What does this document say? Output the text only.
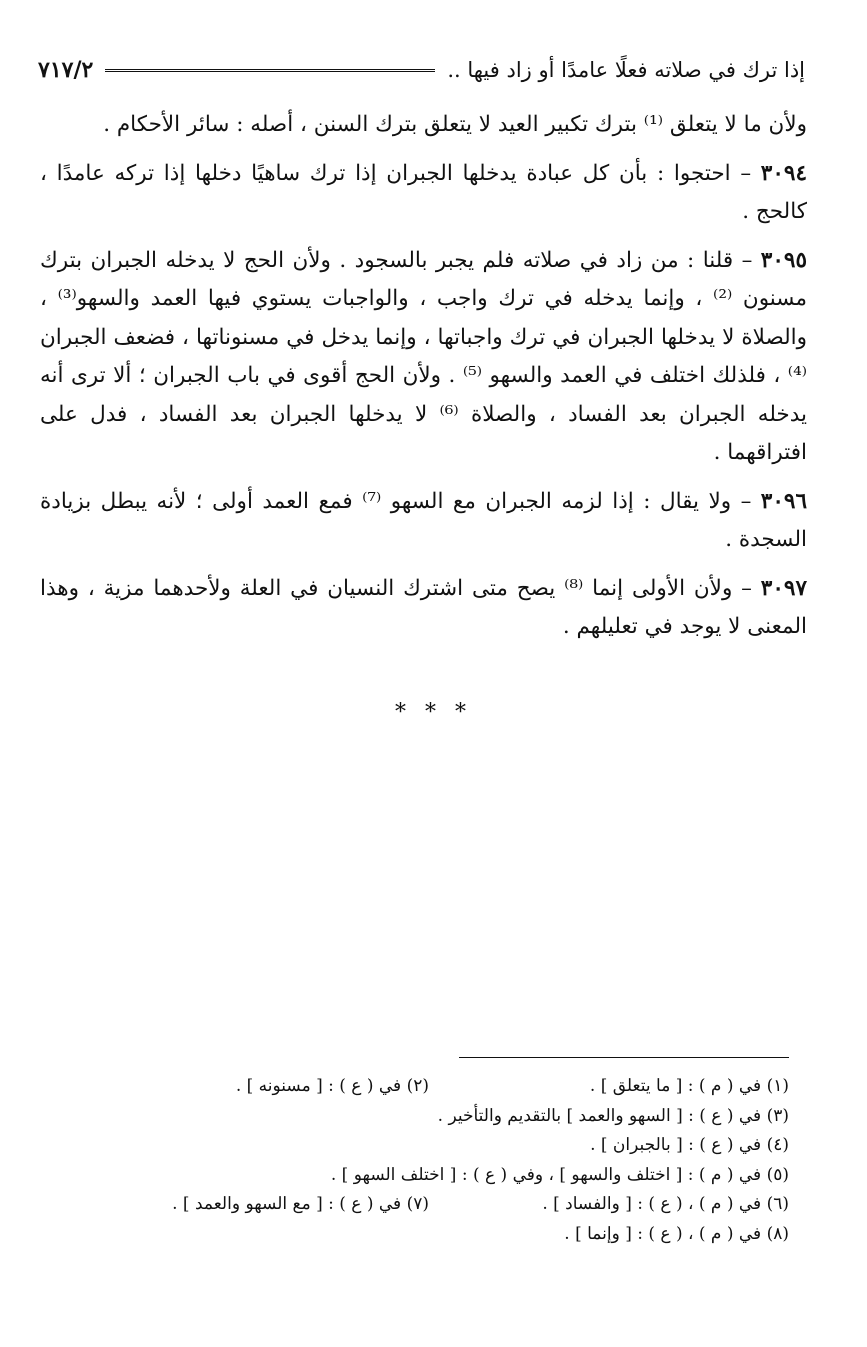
إذا ترك في صلاته فعلًا عامدًا أو زاد فيها ..
٧١٧/٢

ولأن ما لا يتعلق ⁽¹⁾ بترك تكبير العيد لا يتعلق بترك السنن ، أصله : سائر الأحكام .

٣٠٩٤ – احتجوا : بأن كل عبادة يدخلها الجبران إذا ترك ساهيًا دخلها إذا تركه عامدًا ، كالحج .

٣٠٩٥ – قلنا : من زاد في صلاته فلم يجبر بالسجود . ولأن الحج لا يدخله الجبران بترك مسنون ⁽²⁾ ، وإنما يدخله في ترك واجب ، والواجبات يستوي فيها العمد والسهو⁽³⁾ ، والصلاة لا يدخلها الجبران في ترك واجباتها ، وإنما يدخل في مسنوناتها ، فضعف الجبران ⁽⁴⁾ ، فلذلك اختلف في العمد والسهو ⁽⁵⁾ . ولأن الحج أقوى في باب الجبران ؛ ألا ترى أنه يدخله الجبران بعد الفساد ، والصلاة ⁽⁶⁾ لا يدخلها الجبران بعد الفساد ، فدل على افتراقهما .

٣٠٩٦ – ولا يقال : إذا لزمه الجبران مع السهو ⁽⁷⁾ فمع العمد أولى ؛ لأنه يبطل بزيادة السجدة .

٣٠٩٧ – ولأن الأولى إنما ⁽⁸⁾ يصح متى اشترك النسيان في العلة ولأحدهما مزية ، وهذا المعنى لا يوجد في تعليلهم .

* * *
(١) في ( م ) : [ ما يتعلق ] .
(٢) في ( ع ) : [ مسنونه ] .
(٣) في ( ع ) : [ السهو والعمد ] بالتقديم والتأخير .
(٤) في ( ع ) : [ بالجبران ] .
(٥) في ( م ) : [ اختلف والسهو ] ، وفي ( ع ) : [ اختلف السهو ] .
(٦) في ( م ) ، ( ع ) : [ والفساد ] .
(٧) في ( ع ) : [ مع السهو والعمد ] .
(٨) في ( م ) ، ( ع ) : [ وإنما ] .
